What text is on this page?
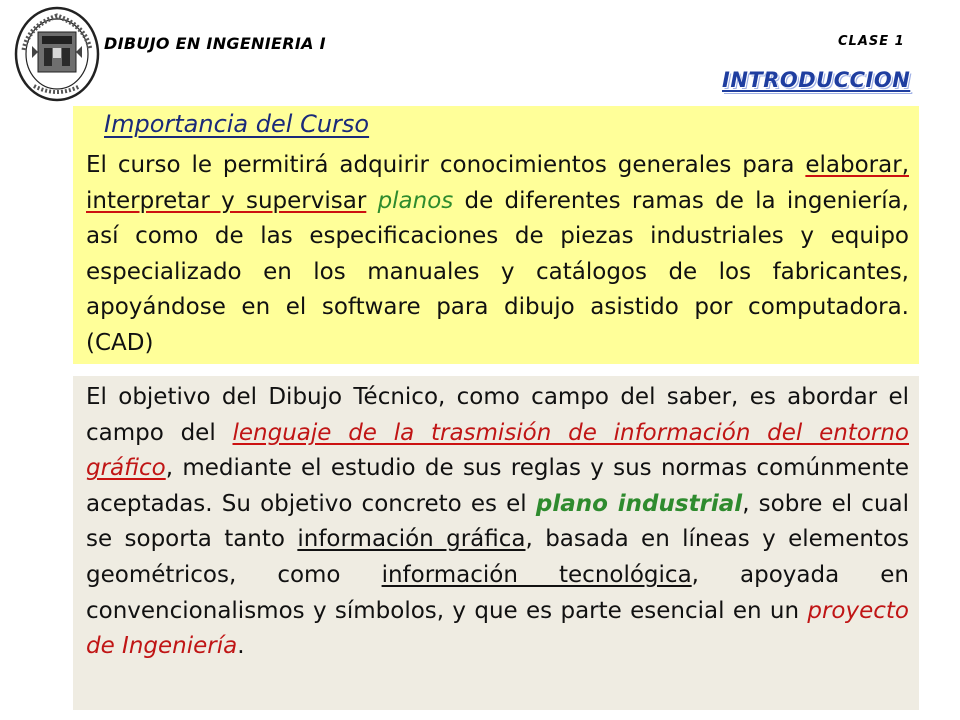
DIBUJO EN INGENIERIA I	CLASE 1
INTRODUCCION
Importancia del Curso

El curso le permitirá adquirir conocimientos generales para elaborar, interpretar y supervisar planos de diferentes ramas de la ingeniería, así como de las especificaciones de piezas industriales y equipo especializado en los manuales y catálogos de los fabricantes, apoyándose en el software para dibujo asistido por computadora. (CAD)

El objetivo del Dibujo Técnico, como campo del saber, es abordar el campo del lenguaje de la trasmisión de información del entorno gráfico, mediante el estudio de sus reglas y sus normas comúnmente aceptadas. Su objetivo concreto es el plano industrial, sobre el cual se soporta tanto información gráfica, basada en líneas y elementos geométricos, como información tecnológica, apoyada en convencionalismos y símbolos, y que es parte esencial en un proyecto de Ingeniería.
